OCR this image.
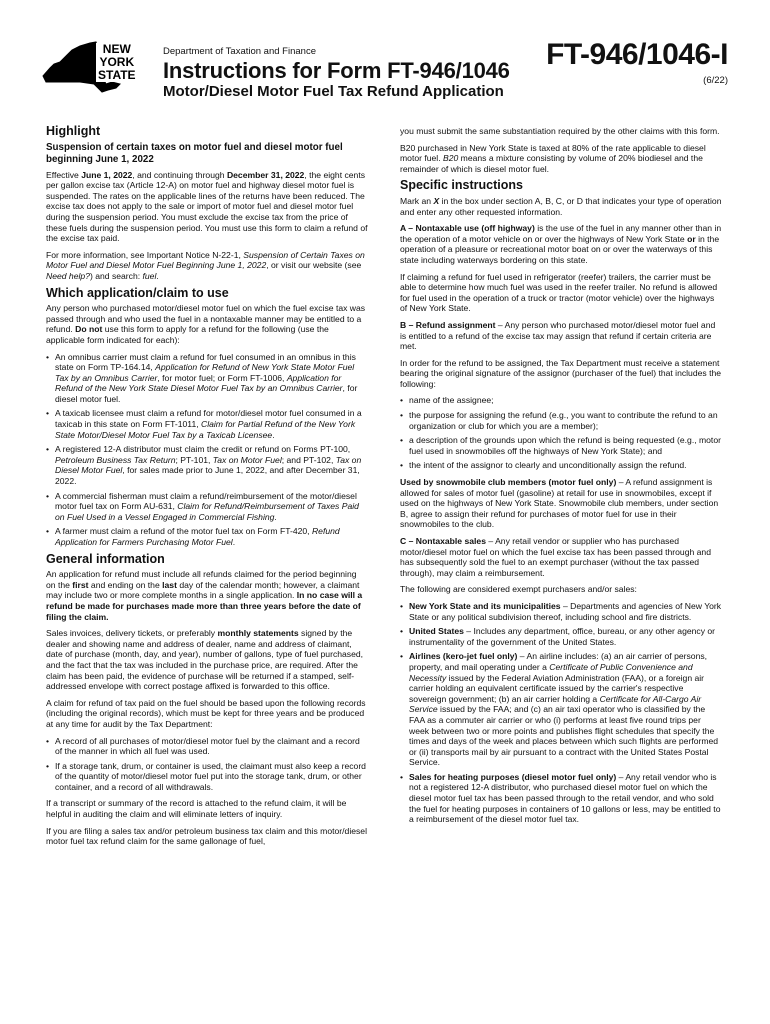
NEW
YORK
STATE
Department of Taxation and Finance
Instructions for Form FT-946/1046
Motor/Diesel Motor Fuel Tax Refund Application
FT-946/1046-I
(6/22)
Highlight
Suspension of certain taxes on motor fuel and diesel motor fuel beginning June 1, 2022

Effective June 1, 2022, and continuing through December 31, 2022, the eight cents per gallon excise tax (Article 12-A) on motor fuel and highway diesel motor fuel is suspended. The rates on the applicable lines of the returns have been reduced. The excise tax does not apply to the sale or import of motor fuel and diesel motor fuel during the suspension period. You must exclude the excise tax from the price of these fuels during the suspension period. You must use this form to claim a refund of the excise tax paid.

For more information, see Important Notice N-22-1, Suspension of Certain Taxes on Motor Fuel and Diesel Motor Fuel Beginning June 1, 2022, or visit our website (see Need help?) and search: fuel.

Which application/claim to use

Any person who purchased motor/diesel motor fuel on which the fuel excise tax was passed through and who used the fuel in a nontaxable manner may be entitled to a refund. Do not use this form to apply for a refund for the following (use the applicable form indicated for each):

• An omnibus carrier must claim a refund for fuel consumed in an omnibus in this state on Form TP-164.14, Application for Refund of New York State Motor Fuel Tax by an Omnibus Carrier, for motor fuel; or Form FT-1006, Application for Refund of the New York State Diesel Motor Fuel Tax by an Omnibus Carrier, for diesel motor fuel.
• A taxicab licensee must claim a refund for motor/diesel motor fuel consumed in a taxicab in this state on Form FT-1011, Claim for Partial Refund of the New York State Motor/Diesel Motor Fuel Tax by a Taxicab Licensee.
• A registered 12-A distributor must claim the credit or refund on Forms PT-100, Petroleum Business Tax Return; PT-101, Tax on Motor Fuel; and PT-102, Tax on Diesel Motor Fuel, for sales made prior to June 1, 2022, and after December 31, 2022.
• A commercial fisherman must claim a refund/reimbursement of the motor/diesel motor fuel tax on Form AU-631, Claim for Refund/Reimbursement of Taxes Paid on Fuel Used in a Vessel Engaged in Commercial Fishing.
• A farmer must claim a refund of the motor fuel tax on Form FT-420, Refund Application for Farmers Purchasing Motor Fuel.
General information

An application for refund must include all refunds claimed for the period beginning on the first and ending on the last day of the calendar month; however, a claimant may include two or more complete months in a single application. In no case will a refund be made for purchases made more than three years before the date of filing the claim.

Sales invoices, delivery tickets, or preferably monthly statements signed by the dealer and showing name and address of dealer, name and address of claimant, date of purchase (month, day, and year), number of gallons, type of fuel purchased, and the fact that the tax was included in the purchase price, are required. After the claim has been paid, the evidence of purchase will be returned if a stamped, self-addressed envelope with correct postage affixed is forwarded to this office.

A claim for refund of tax paid on the fuel should be based upon the following records (including the original records), which must be kept for three years and be produced at any time for audit by the Tax Department:

• A record of all purchases of motor/diesel motor fuel by the claimant and a record of the manner in which all fuel was used.
• If a storage tank, drum, or container is used, the claimant must also keep a record of the quantity of motor/diesel motor fuel put into the storage tank, drum, or other container, and a record of all withdrawals.

If a transcript or summary of the record is attached to the refund claim, it will be helpful in auditing the claim and will eliminate letters of inquiry.

If you are filing a sales tax and/or petroleum business tax claim and this motor/diesel motor fuel tax refund claim for the same gallonage of fuel,

you must submit the same substantiation required by the other claims with this form.

B20 purchased in New York State is taxed at 80% of the rate applicable to diesel motor fuel. B20 means a mixture consisting by volume of 20% biodiesel and the remainder of which is diesel motor fuel.

Specific instructions

Mark an X in the box under section A, B, C, or D that indicates your type of operation and enter any other requested information.

A – Nontaxable use (off highway) is the use of the fuel in any manner other than in the operation of a motor vehicle on or over the highways of New York State or in the operation of a pleasure or recreational motor boat on or over the waterways of this state including waterways bordering on this state.

If claiming a refund for fuel used in refrigerator (reefer) trailers, the carrier must be able to determine how much fuel was used in the reefer trailer. No refund is allowed for fuel used in the operation of a truck or tractor (motor vehicle) over the highways of New York State.

B – Refund assignment – Any person who purchased motor/diesel motor fuel and is entitled to a refund of the excise tax may assign that refund if certain criteria are met.

In order for the refund to be assigned, the Tax Department must receive a statement bearing the original signature of the assignor (purchaser of the fuel) that includes the following:

• name of the assignee;
• the purpose for assigning the refund (e.g., you want to contribute the refund to an organization or club for which you are a member);
• a description of the grounds upon which the refund is being requested (e.g., motor fuel used in snowmobiles off the highways of New York State); and
• the intent of the assignor to clearly and unconditionally assign the refund.

Used by snowmobile club members (motor fuel only) – A refund assignment is allowed for sales of motor fuel (gasoline) at retail for use in snowmobiles, except if used on the highways of New York State. Snowmobile club members, under section B, agree to assign their refund for purchases of motor fuel for use in their snowmobiles to the club.

C – Nontaxable sales – Any retail vendor or supplier who has purchased motor/diesel motor fuel on which the fuel excise tax has been passed through and has subsequently sold the fuel to an exempt purchaser (without the tax passed through), may claim a reimbursement.

The following are considered exempt purchasers and/or sales:

• New York State and its municipalities – Departments and agencies of New York State or any political subdivision thereof, including school and fire districts.
• United States – Includes any department, office, bureau, or any other agency or instrumentality of the government of the United States.
• Airlines (kero-jet fuel only) – An airline includes: (a) an air carrier of persons, property, and mail operating under a Certificate of Public Convenience and Necessity issued by the Federal Aviation Administration (FAA), or a foreign air carrier holding an equivalent certificate issued by the carrier's respective sovereign government; (b) an air carrier holding a Certificate for All-Cargo Air Service issued by the FAA; and (c) an air taxi operator who is classified by the FAA as a commuter air carrier or who (i) performs at least five round trips per week between two or more points and publishes flight schedules that specify the times and days of the week and places between which such flights are performed or (ii) transports mail by air pursuant to a contract with the United States Postal Service.
• Sales for heating purposes (diesel motor fuel only) – Any retail vendor who is not a registered 12-A distributor, who purchased diesel motor fuel on which the diesel motor fuel tax has been passed through to the retail vendor, and who sold the fuel for heating purposes in containers of 10 gallons or less, may be entitled to a reimbursement of the diesel motor fuel tax.
